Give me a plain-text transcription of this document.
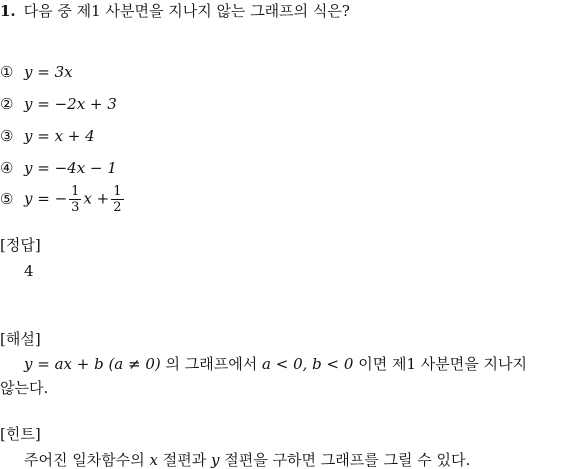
1. 다음 중 제1 사분면을 지나지 않는 그래프의 식은?
① y = 3x
② y = −2x + 3
③ y = x + 4
④ y = −4x − 1
⑤ y = − $\frac{1}{3}$ $x + \frac{1}{2}$
[정답]
4
[해설]
y = ax + b (a ≠ 0) 의 그래프에서 a < 0, b < 0 이면 제1 사분면을 지나지
않는다.
[힌트]
주어진 일차함수의 x 절편과 y 절편을 구하면 그래프를 그릴 수 있다.
